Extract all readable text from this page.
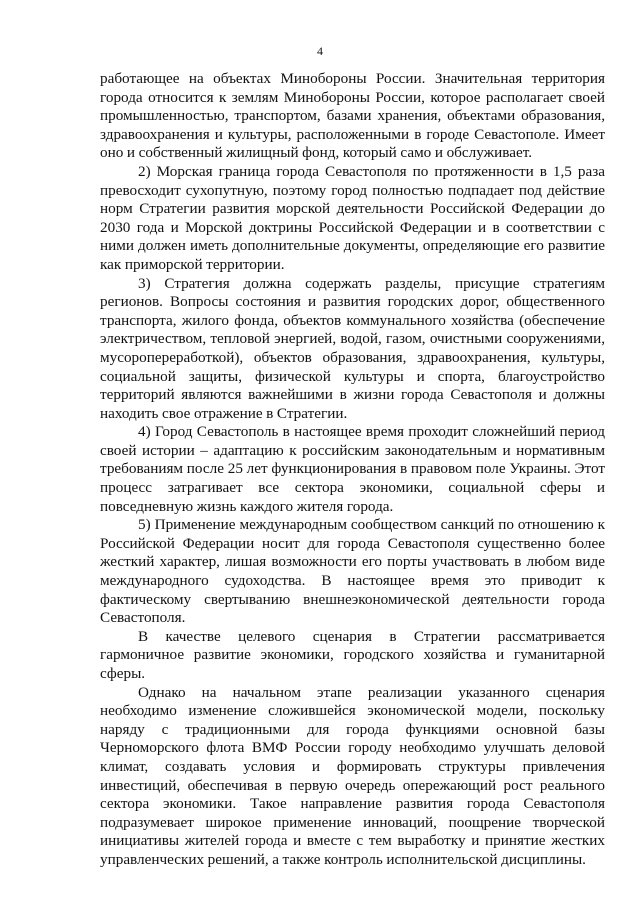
4

работающее на объектах Минобороны России. Значительная территория города относится к землям Минобороны России, которое располагает своей промышленностью, транспортом, базами хранения, объектами образования, здравоохранения и культуры, расположенными в городе Севастополе. Имеет оно и собственный жилищный фонд, который само и обслуживает.

2) Морская граница города Севастополя по протяженности в 1,5 раза превосходит сухопутную, поэтому город полностью подпадает под действие норм Стратегии развития морской деятельности Российской Федерации до 2030 года и Морской доктрины Российской Федерации и в соответствии с ними должен иметь дополнительные документы, определяющие его развитие как приморской территории.

3) Стратегия должна содержать разделы, присущие стратегиям регионов. Вопросы состояния и развития городских дорог, общественного транспорта, жилого фонда, объектов коммунального хозяйства (обеспечение электричеством, тепловой энергией, водой, газом, очистными сооружениями, мусоропереработкой), объектов образования, здравоохранения, культуры, социальной защиты, физической культуры и спорта, благоустройство территорий являются важнейшими в жизни города Севастополя и должны находить свое отражение в Стратегии.

4) Город Севастополь в настоящее время проходит сложнейший период своей истории – адаптацию к российским законодательным и нормативным требованиям после 25 лет функционирования в правовом поле Украины. Этот процесс затрагивает все сектора экономики, социальной сферы и повседневную жизнь каждого жителя города.

5) Применение международным сообществом санкций по отношению к Российской Федерации носит для города Севастополя существенно более жесткий характер, лишая возможности его порты участвовать в любом виде международного судоходства. В настоящее время это приводит к фактическому свертыванию внешнеэкономической деятельности города Севастополя.

В качестве целевого сценария в Стратегии рассматривается гармоничное развитие экономики, городского хозяйства и гуманитарной сферы.

Однако на начальном этапе реализации указанного сценария необходимо изменение сложившейся экономической модели, поскольку наряду с традиционными для города функциями основной базы Черноморского флота ВМФ России городу необходимо улучшать деловой климат, создавать условия и формировать структуры привлечения инвестиций, обеспечивая в первую очередь опережающий рост реального сектора экономики. Такое направление развития города Севастополя подразумевает широкое применение инноваций, поощрение творческой инициативы жителей города и вместе с тем выработку и принятие жестких управленческих решений, а также контроль исполнительской дисциплины.
